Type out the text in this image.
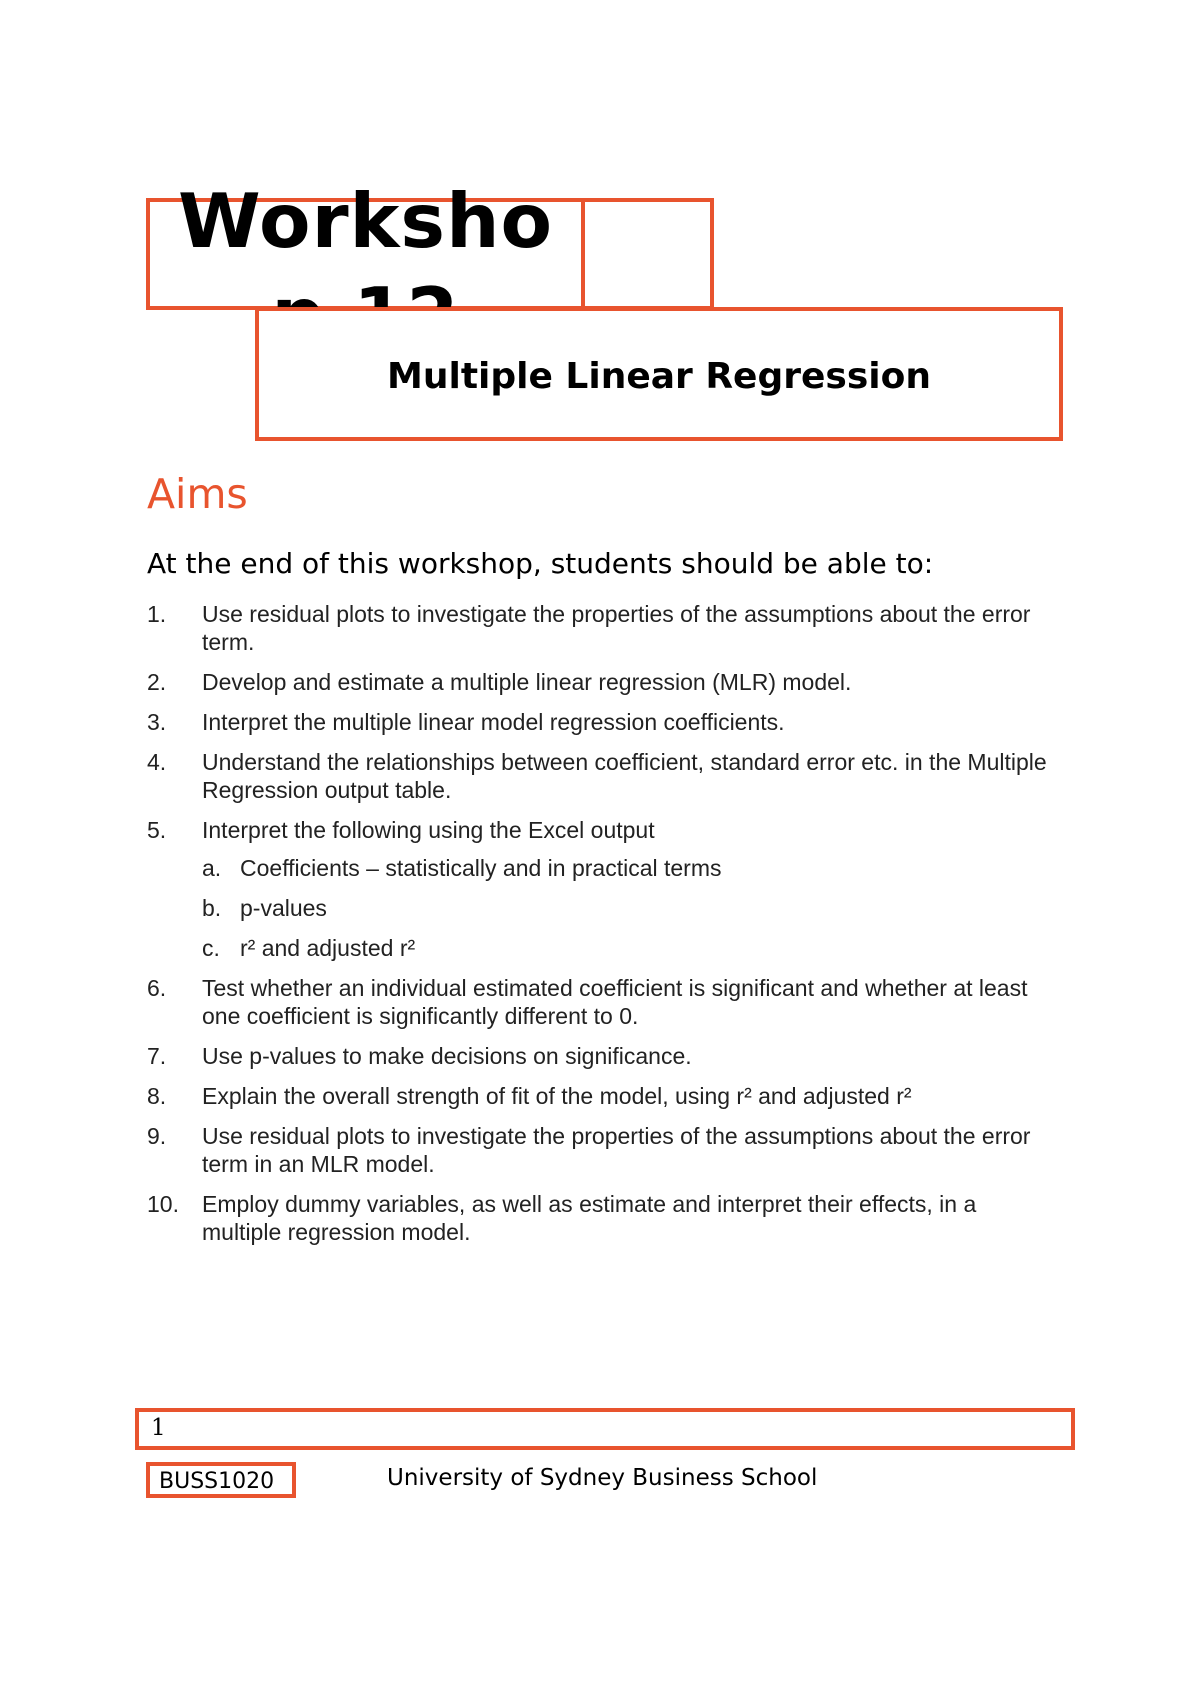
Worksho
Multiple Linear Regression
Aims
At the end of this workshop, students should be able to:
1. Use residual plots to investigate the properties of the assumptions about the error term.
2. Develop and estimate a multiple linear regression (MLR) model.
3. Interpret the multiple linear model regression coefficients.
4. Understand the relationships between coefficient, standard error etc. in the Multiple Regression output table.
5. Interpret the following using the Excel output
a. Coefficients – statistically and in practical terms
b. p-values
c. r² and adjusted r²
6. Test whether an individual estimated coefficient is significant and whether at least one coefficient is significantly different to 0.
7. Use p-values to make decisions on significance.
8. Explain the overall strength of fit of the model, using r² and adjusted r²
9. Use residual plots to investigate the properties of the assumptions about the error term in an MLR model.
10. Employ dummy variables, as well as estimate and interpret their effects, in a multiple regression model.
1
BUSS1020	University of Sydney Business School
